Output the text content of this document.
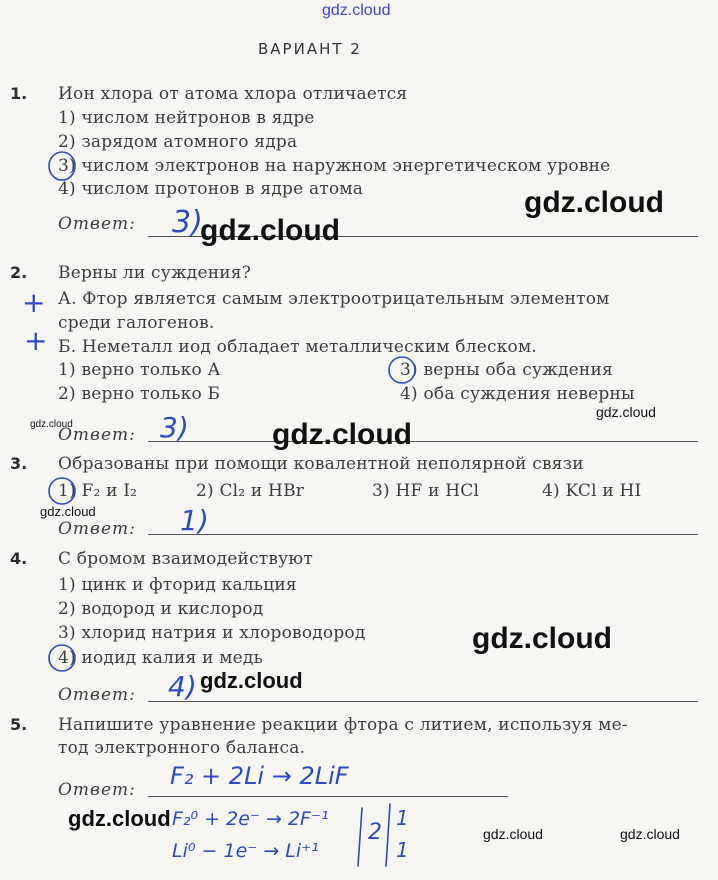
gdz.cloud
ВАРИАНТ 2
1. Ион хлора от атома хлора отличается
1) числом нейтронов в ядре
2) зарядом атомного ядра
3) числом электронов на наружном энергетическом уровне
4) числом протонов в ядре атома
Ответ: 3)
gdz.cloud
gdz.cloud
2. Верны ли суждения?
А. Фтор является самым электроотрицательным элементом
среди галогенов.
Б. Неметалл иод обладает металлическим блеском.
+
+
1) верно только А	3) верны оба суждения
2) верно только Б	4) оба суждения неверны
Ответ: 3)	gdz.cloud
gdz.cloud	gdz.cloud
3. Образованы при помощи ковалентной неполярной связи
1) F₂ и I₂	2) Cl₂ и HBr	3) HF и HCl	4) KCl и HI
gdz.cloud
Ответ: 1)
4. С бромом взаимодействуют
1) цинк и фторид кальция
2) водород и кислород
3) хлорид натрия и хлороводород
4) иодид калия и медь
gdz.cloud
Ответ: 4) gdz.cloud
5. Напишите уравнение реакции фтора с литием, используя ме-
тод электронного баланса.
Ответ: F₂ + 2Li → 2LiF
F₂⁰ + 2e⁻ → 2F⁻¹
Li⁰ − 1e⁻ → Li⁺¹
2
1
1
gdz.cloud
gdz.cloud	gdz.cloud
